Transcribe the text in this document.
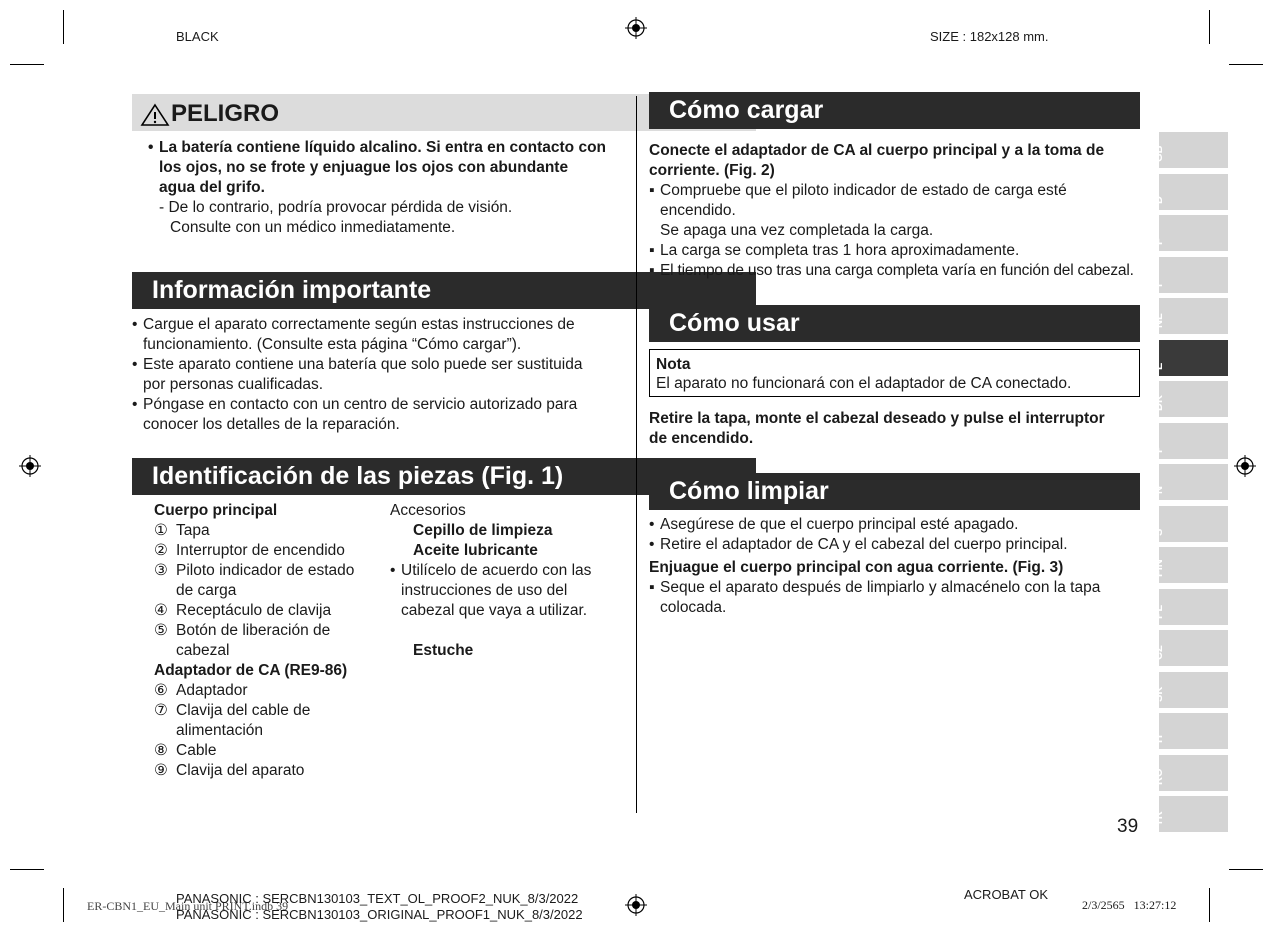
BLACK	SIZE : 182x128 mm.
PELIGRO
• La batería contiene líquido alcalino. Si entra en contacto con
los ojos, no se frote y enjuague los ojos con abundante
agua del grifo.
- De lo contrario, podría provocar pérdida de visión.
Consulte con un médico inmediatamente.
Información importante
• Cargue el aparato correctamente según estas instrucciones de
funcionamiento. (Consulte esta página “Cómo cargar”).
• Este aparato contiene una batería que solo puede ser sustituida
por personas cualificadas.
• Póngase en contacto con un centro de servicio autorizado para
conocer los detalles de la reparación.
Identificación de las piezas (Fig. 1)
Cuerpo principal
① Tapa
② Interruptor de encendido
③ Piloto indicador de estado
de carga
④ Receptáculo de clavija
⑤ Botón de liberación de
cabezal
Adaptador de CA (RE9-86)
⑥ Adaptador
⑦ Clavija del cable de
alimentación
⑧ Cable
⑨ Clavija del aparato
Accesorios
Cepillo de limpieza
Aceite lubricante
• Utilícelo de acuerdo con las
instrucciones de uso del
cabezal que vaya a utilizar.

Estuche
Cómo cargar
Conecte el adaptador de CA al cuerpo principal y a la toma de
corriente. (Fig. 2)
▪ Compruebe que el piloto indicador de estado de carga esté
encendido.
Se apaga una vez completada la carga.
▪ La carga se completa tras 1 hora aproximadamente.
▪ El tiempo de uso tras una carga completa varía en función del cabezal.
Cómo usar
Nota
El aparato no funcionará con el adaptador de CA conectado.
Retire la tapa, monte el cabezal deseado y pulse el interruptor
de encendido.
Cómo limpiar
• Asegúrese de que el cuerpo principal esté apagado.
• Retire el adaptador de CA y el cabezal del cuerpo principal.
Enjuague el cuerpo principal con agua corriente. (Fig. 3)
▪ Seque el aparato después de limpiarlo y almacénelo con la tapa
colocada.
GB
D
F
I
NL
E
DK
P
N
S
FIN
PL
CZ
SK
H
RO
TR
39
ER-CBN1_EU_Main unit PRINT.indb 39
PANASONIC : SERCBN130103_TEXT_OL_PROOF2_NUK_8/3/2022
PANASONIC : SERCBN130103_ORIGINAL_PROOF1_NUK_8/3/2022
ACROBAT OK
2/3/2565   13:27:12
